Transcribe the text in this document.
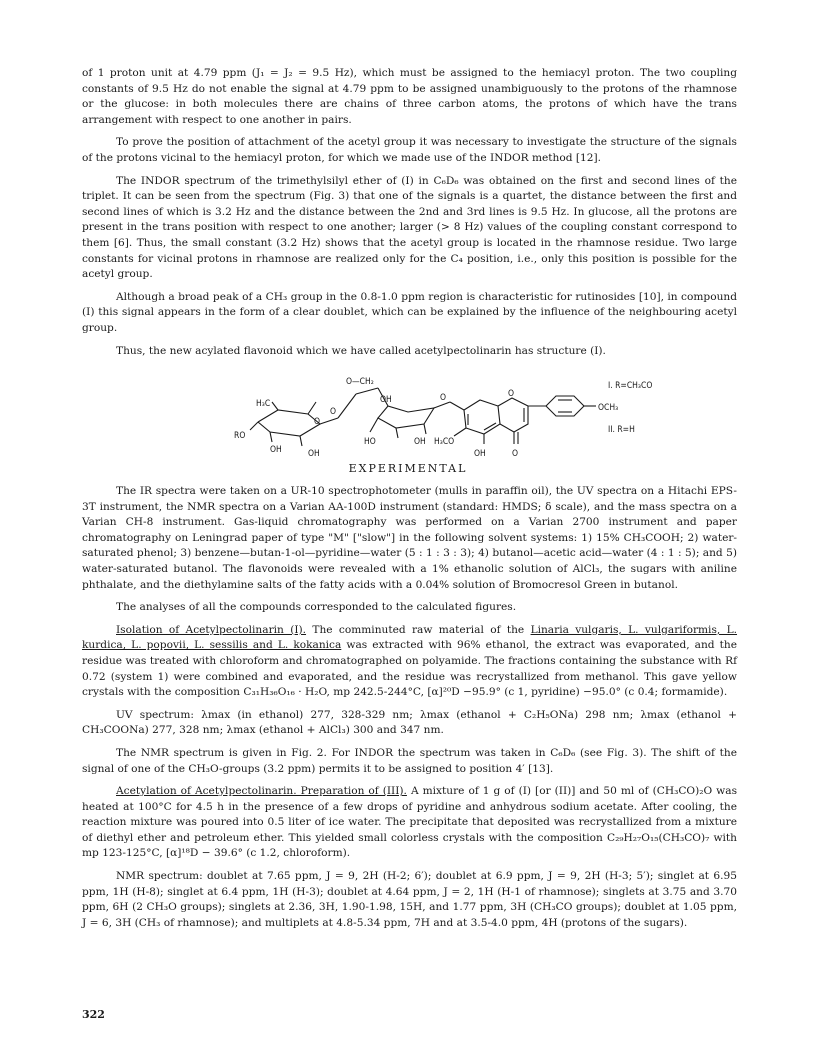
of 1 proton unit at 4.79 ppm (J₁ = J₂ = 9.5 Hz), which must be assigned to the hemiacyl proton. The two coupling constants of 9.5 Hz do not enable the signal at 4.79 ppm to be assigned unambiguously to the protons of the rhamnose or the glucose: in both molecules there are chains of three carbon atoms, the protons of which have the trans arrangement with respect to one another in pairs.

To prove the position of attachment of the acetyl group it was necessary to investigate the structure of the signals of the protons vicinal to the hemiacyl proton, for which we made use of the INDOR method [12].

The INDOR spectrum of the trimethylsilyl ether of (I) in C₆D₆ was obtained on the first and second lines of the triplet. It can be seen from the spectrum (Fig. 3) that one of the signals is a quartet, the distance between the first and second lines of which is 3.2 Hz and the distance between the 2nd and 3rd lines is 9.5 Hz. In glucose, all the protons are present in the trans position with respect to one another; larger (> 8 Hz) values of the coupling constant correspond to them [6]. Thus, the small constant (3.2 Hz) shows that the acetyl group is located in the rhamnose residue. Two large constants for vicinal protons in rhamnose are realized only for the C₄ position, i.e., only this position is possible for the acetyl group.

Although a broad peak of a CH₃ group in the 0.8-1.0 ppm region is characteristic for rutinosides [10], in compound (I) this signal appears in the form of a clear doublet, which can be explained by the influence of the neighbouring acetyl group.

Thus, the new acylated flavonoid which we have called acetylpectolinarin has structure (I).

O—CH₂
H₃C
RO
OH	OH
O
O
OH
HO	OH
O
H₃CO
OH
O
O
OCH₃
I. R=CH₃CO
II. R=H
EXPERIMENTAL

The IR spectra were taken on a UR-10 spectrophotometer (mulls in paraffin oil), the UV spectra on a Hitachi EPS-3T instrument, the NMR spectra on a Varian AA-100D instrument (standard: HMDS; δ scale), and the mass spectra on a Varian CH-8 instrument. Gas-liquid chromatography was performed on a Varian 2700 instrument and paper chromatography on Leningrad paper of type "M" ["slow"] in the following solvent systems: 1) 15% CH₃COOH; 2) water-saturated phenol; 3) benzene—butan-1-ol—pyridine—water (5 : 1 : 3 : 3); 4) butanol—acetic acid—water (4 : 1 : 5); and 5) water-saturated butanol. The flavonoids were revealed with a 1% ethanolic solution of AlCl₃, the sugars with aniline phthalate, and the diethylamine salts of the fatty acids with a 0.04% solution of Bromocresol Green in butanol.

The analyses of all the compounds corresponded to the calculated figures.

Isolation of Acetylpectolinarin (I). The comminuted raw material of the Linaria vulgaris, L. vulgariformis, L. kurdica, L. popovii, L. sessilis and L. kokanica was extracted with 96% ethanol, the extract was evaporated, and the residue was treated with chloroform and chromatographed on polyamide. The fractions containing the substance with Rf 0.72 (system 1) were combined and evaporated, and the residue was recrystallized from methanol. This gave yellow crystals with the composition C₃₁H₃₆O₁₆ · H₂O, mp 242.5-244°C, [α]²⁰D −95.9° (c 1, pyridine) −95.0° (c 0.4; formamide).

UV spectrum: λmax (in ethanol) 277, 328-329 nm; λmax (ethanol + C₂H₅ONa) 298 nm; λmax (ethanol + CH₃COONa) 277, 328 nm; λmax (ethanol + AlCl₃) 300 and 347 nm.

The NMR spectrum is given in Fig. 2. For INDOR the spectrum was taken in C₆D₆ (see Fig. 3). The shift of the signal of one of the CH₃O-groups (3.2 ppm) permits it to be assigned to position 4′ [13].

Acetylation of Acetylpectolinarin. Preparation of (III). A mixture of 1 g of (I) [or (II)] and 50 ml of (CH₃CO)₂O was heated at 100°C for 4.5 h in the presence of a few drops of pyridine and anhydrous sodium acetate. After cooling, the reaction mixture was poured into 0.5 liter of ice water. The precipitate that deposited was recrystallized from a mixture of diethyl ether and petroleum ether. This yielded small colorless crystals with the composition C₂₉H₂₇O₁₅(CH₃CO)₇ with mp 123-125°C, [α]¹⁸D − 39.6° (c 1.2, chloroform).

NMR spectrum: doublet at 7.65 ppm, J = 9, 2H (H-2; 6′); doublet at 6.9 ppm, J = 9, 2H (H-3; 5′); singlet at 6.95 ppm, 1H (H-8); singlet at 6.4 ppm, 1H (H-3); doublet at 4.64 ppm, J = 2, 1H (H-1 of rhamnose); singlets at 3.75 and 3.70 ppm, 6H (2 CH₃O groups); singlets at 2.36, 3H, 1.90-1.98, 15H, and 1.77 ppm, 3H (CH₃CO groups); doublet at 1.05 ppm, J = 6, 3H (CH₃ of rhamnose); and multiplets at 4.8-5.34 ppm, 7H and at 3.5-4.0 ppm, 4H (protons of the sugars).

322
